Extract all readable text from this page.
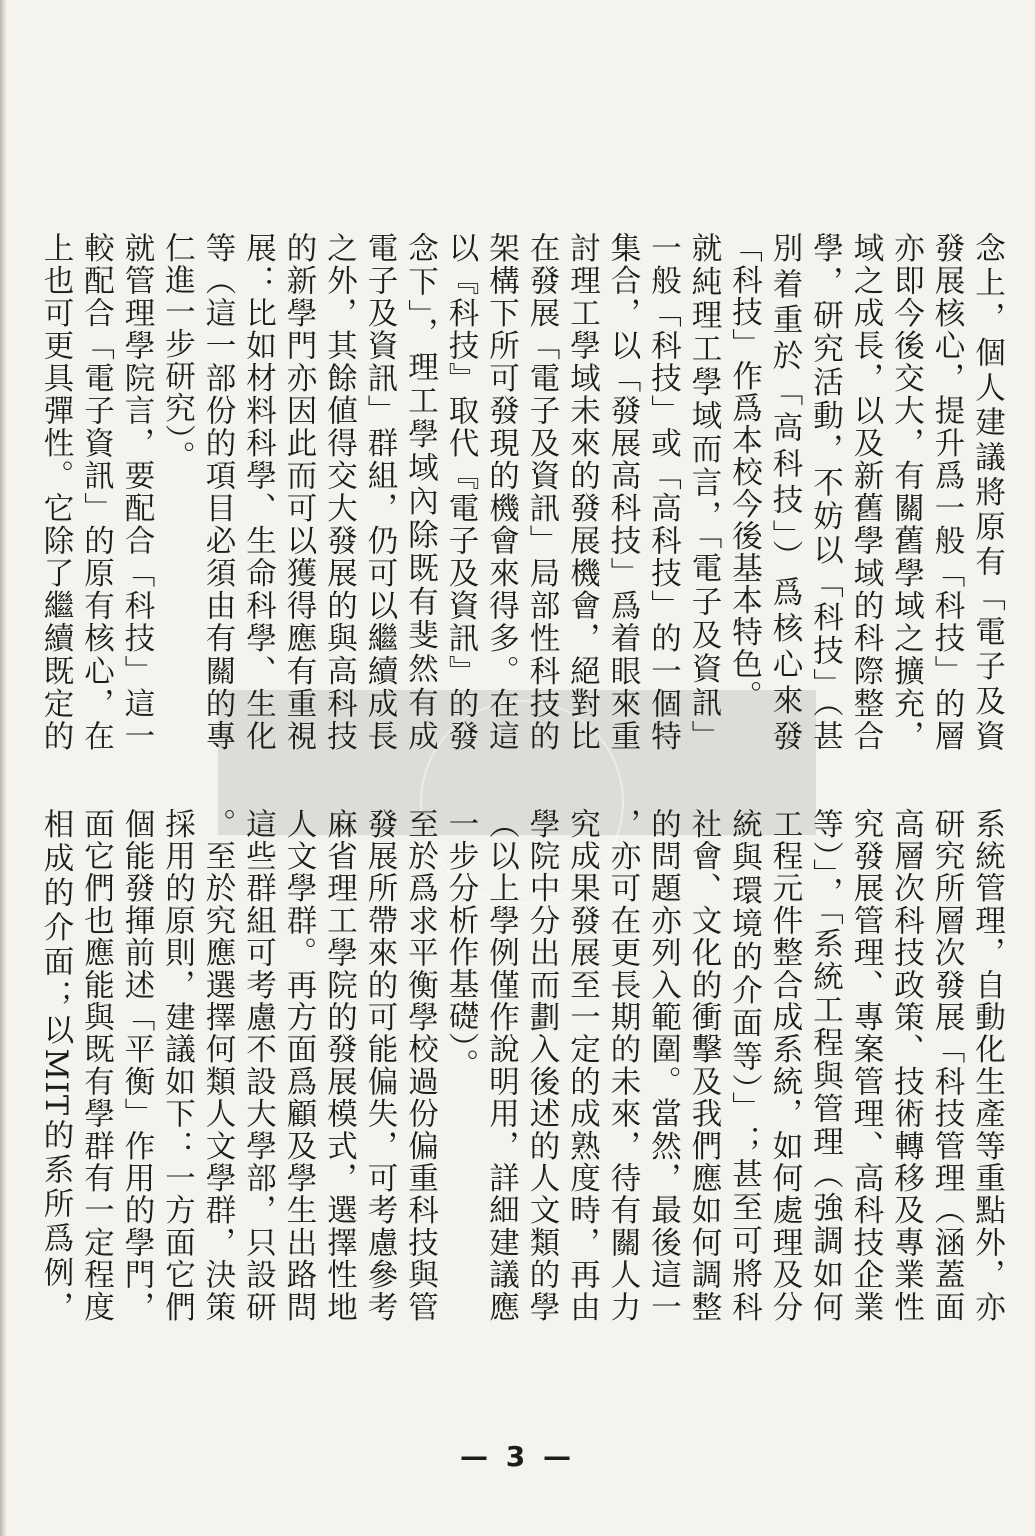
念上，個人建議將原有「電子及資
發展核心，提升爲一般「科技」的層
亦即今後交大，有關舊學域之擴充，
域之成長，以及新舊學域的科際整合
學，研究活動，不妨以「科技」（甚
別着重於「高科技」）爲核心來發
「科技」作爲本校今後基本特色。
就純理工學域而言，「電子及資訊」
一般「科技」或「高科技」的一個特
集合，以「發展高科技」爲着眼來重
討理工學域未來的發展機會，絕對比
在發展「電子及資訊」局部性科技的
架構下所可發現的機會來得多。在這
以『科技』取代『電子及資訊』的發
念下」，理工學域內除既有斐然有成
電子及資訊」群組，仍可以繼續成長
之外，其餘値得交大發展的與高科技
的新學門亦因此而可以獲得應有重視
展：比如材料科學、生命科學、生化
等（這一部份的項目必須由有關的專
仁進一步研究）。
就管理學院言，要配合「科技」這一
較配合「電子資訊」的原有核心，在
上也可更具彈性。它除了繼續既定的
系統管理，自動化生產等重點外，亦
研究所層次發展「科技管理（涵蓋面
高層次科技政策、技術轉移及專業性
究發展管理、專案管理、高科技企業
等）」，「系統工程與管理（強調如何
工程元件整合成系統，如何處理及分
統與環境的介面等）」；甚至可將科
社會、文化的衝擊及我們應如何調整
的問題亦列入範圍。當然，最後這一
，亦可在更長期的未來，待有關人力
究成果發展至一定的成熟度時，再由
學院中分出而劃入後述的人文類的學
（以上學例僅作說明用，詳細建議應
一步分析作基礎）。
至於爲求平衡學校過份偏重科技與管
發展所帶來的可能偏失，可考慮參考
麻省理工學院的發展模式，選擇性地
人文學群。再方面爲顧及學生出路問
這些群組可考慮不設大學部，只設研
。至於究應選擇何類人文學群，決策
採用的原則，建議如下：一方面它們
個能發揮前述「平衡」作用的學門，
面它們也應能與既有學群有一定程度
相成的介面；以MIT的系所爲例，
— 3 —
